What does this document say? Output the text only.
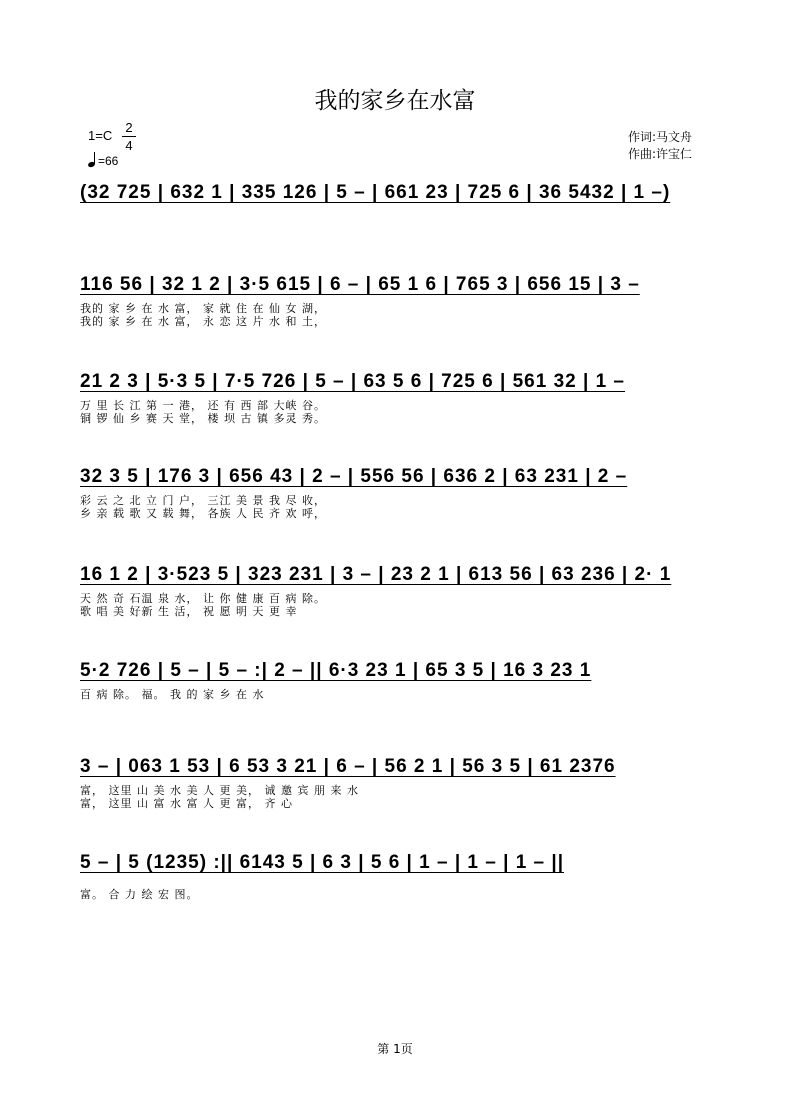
我的家乡在水富
1=C
2
4
=66
作词:马文舟
作曲:许宝仁
(32 725 | 632 1 | 335 126 | 5 – | 661 23 | 725 6 | 36 5432 | 1 –)
116 56 | 32 1 2 | 3·5 615 | 6 – | 65 1 6 | 765 3 | 656 15 | 3 –
我的 家 乡 在 水 富， 家 就 住 在 仙 女 湖，
我的 家 乡 在 水 富， 永 恋 这 片 水 和 土，
21 2 3 | 5·3 5 | 7·5 726 | 5 – | 63 5 6 | 725 6 | 561 32 | 1 –
万 里 长 江 第 一 港， 还 有 西 部 大峡 谷。
铜 锣 仙 乡 赛 天 堂， 楼 坝 古 镇 多灵 秀。
32 3 5 | 176 3 | 656 43 | 2 – | 556 56 | 636 2 | 63 231 | 2 –
彩 云 之 北 立 门 户， 三江 美 景 我 尽 收，
乡 亲 载 歌 又 载 舞， 各族 人 民 齐 欢 呼，
16 1 2 | 3·523 5 | 323 231 | 3 – | 23 2 1 | 613 56 | 63 236 | 2· 1
天 然 奇 石温 泉 水， 让 你 健 康 百 病 除。
歌 唱 美 好新 生 活， 祝 愿 明 天 更 幸
5·2 726 | 5 – | 5 – :| 2 – || 6·3 23 1 | 65 3 5 | 16 3 23 1
百 病 除。 福。 我 的 家 乡 在 水
3 – | 063 1 53 | 6 53 3 21 | 6 – | 56 2 1 | 56 3 5 | 61 2376
富， 这里 山 美 水 美 人 更 美， 诚 邀 宾 朋 来 水
富， 这里 山 富 水 富 人 更 富， 齐 心
5 – | 5 (1235) :|| 6143 5 | 6 3 | 5 6 | 1 – | 1 – | 1 – ||
富。 合 力 绘 宏 图。
第 1页
